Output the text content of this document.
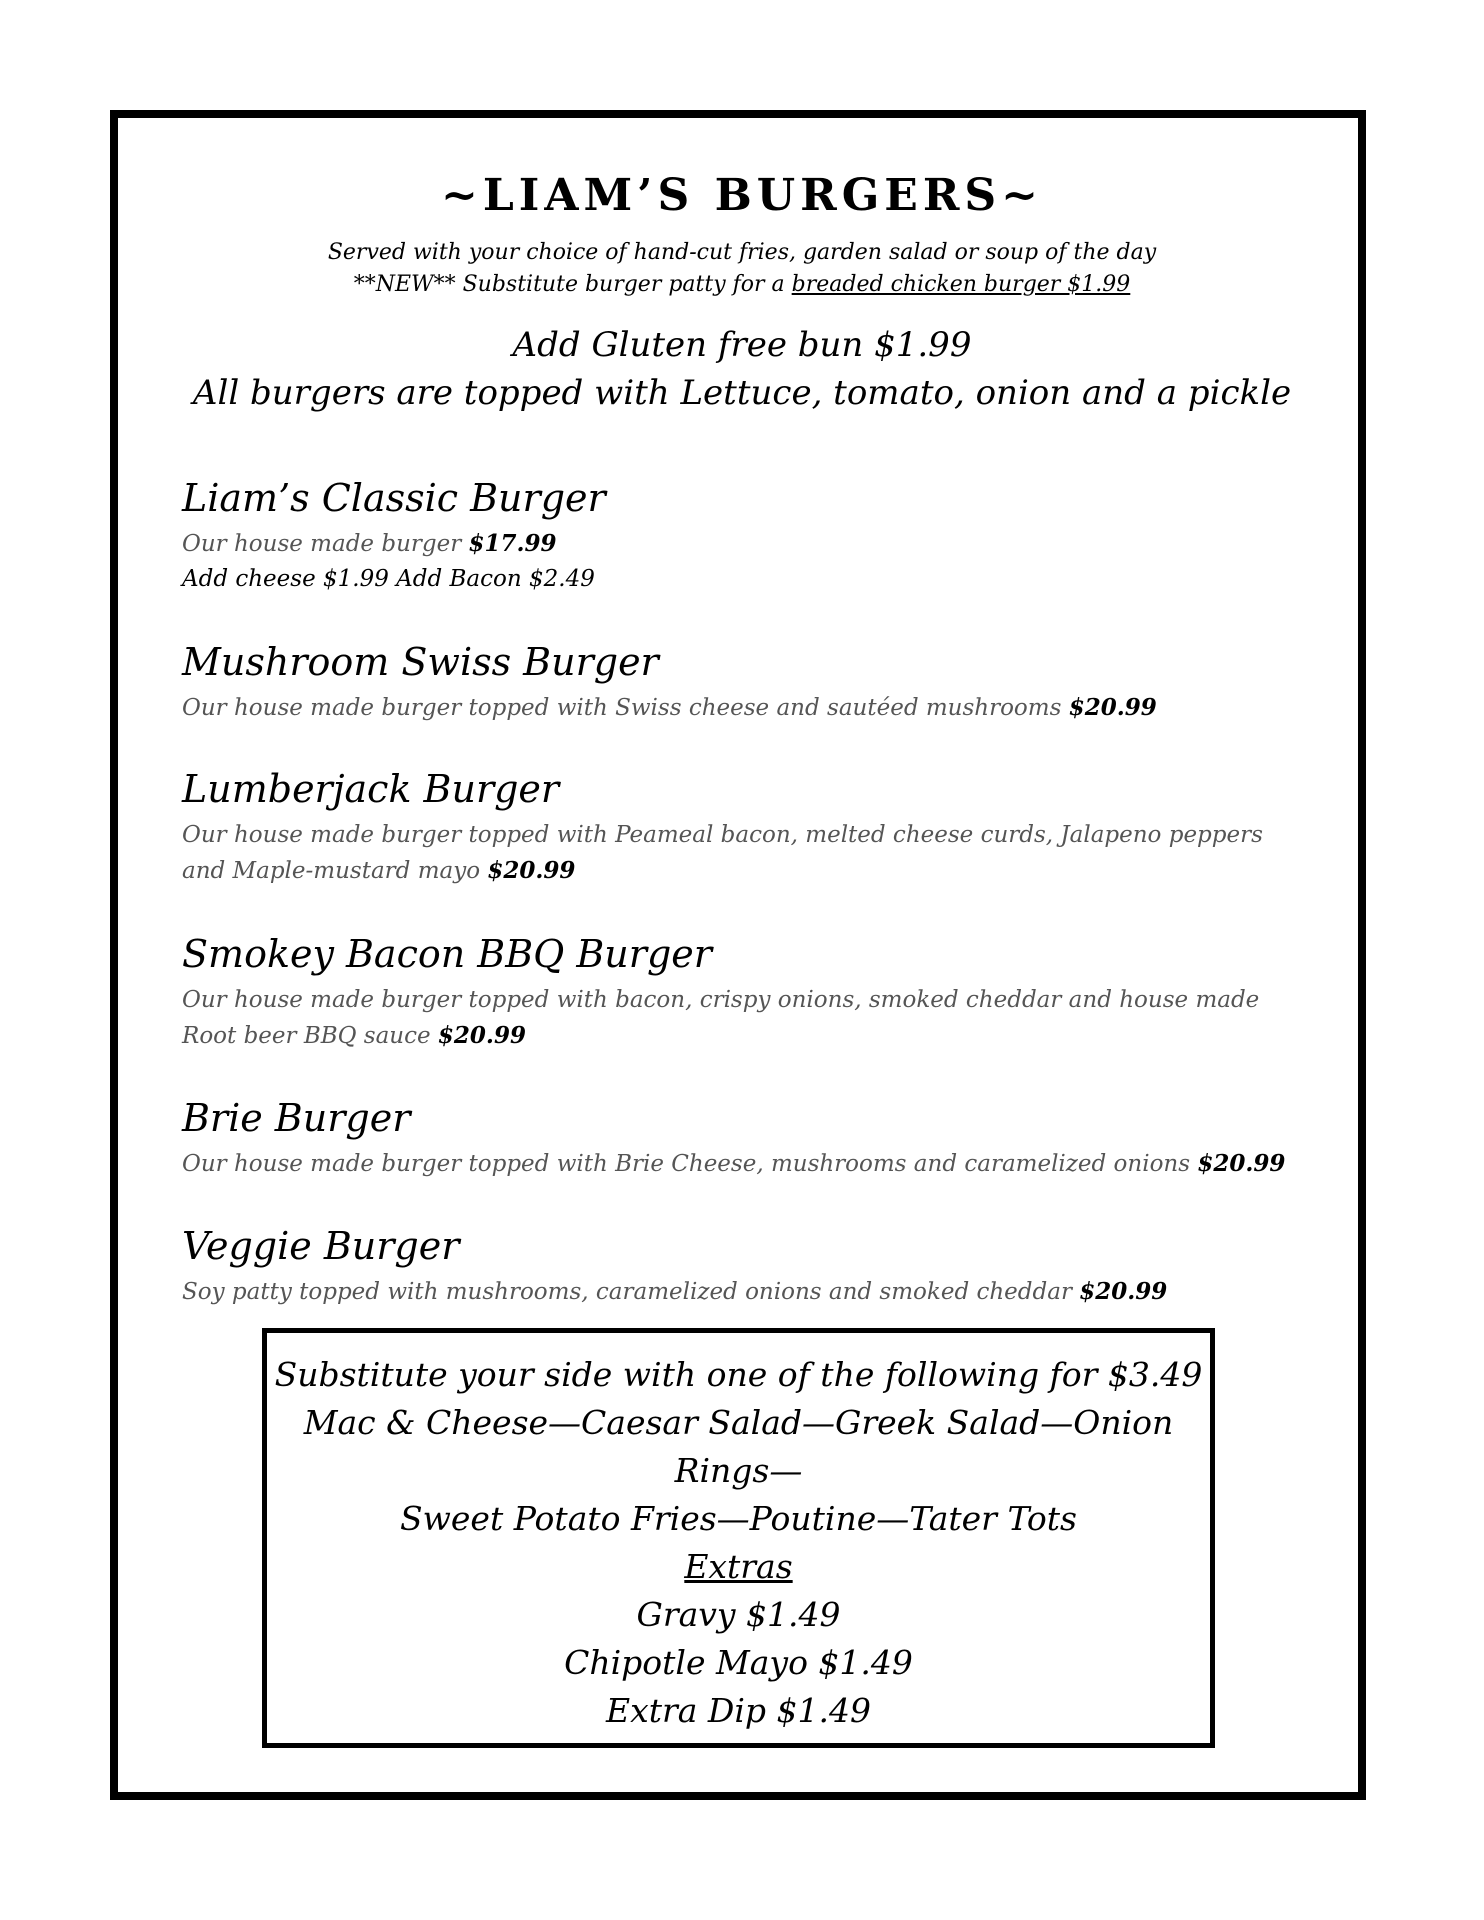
~LIAM’S BURGERS~
Served with your choice of hand-cut fries, garden salad or soup of the day
**NEW** Substitute burger patty for a breaded chicken burger $1.99
Add Gluten free bun $1.99
All burgers are topped with Lettuce, tomato, onion and a pickle
Liam’s Classic Burger
Our house made burger $17.99
Add cheese $1.99 Add Bacon $2.49
Mushroom Swiss Burger
Our house made burger topped with Swiss cheese and sautéed mushrooms $20.99
Lumberjack Burger
Our house made burger topped with Peameal bacon, melted cheese curds, Jalapeno peppers and Maple-mustard mayo $20.99
Smokey Bacon BBQ Burger
Our house made burger topped with bacon, crispy onions, smoked cheddar and house made Root beer BBQ sauce $20.99
Brie Burger
Our house made burger topped with Brie Cheese, mushrooms and caramelized onions $20.99
Veggie Burger
Soy patty topped with mushrooms, caramelized onions and smoked cheddar $20.99
Substitute your side with one of the following for $3.49
Mac & Cheese—Caesar Salad—Greek Salad—Onion
Rings—
Sweet Potato Fries—Poutine—Tater Tots
Extras
Gravy $1.49
Chipotle Mayo $1.49
Extra Dip $1.49
